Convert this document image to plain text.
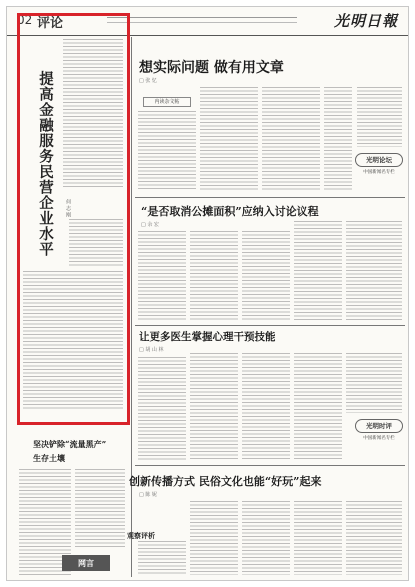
02 评论	光明日報
提高金融服务民营企业水平 何 志 刚
坚决铲除“流量黑产”
生存土壤
网言
想实际问题 做有用文章
□ 张 忆
内读杂文帖
光明论坛
中国新闻名专栏
“是否取消公摊面积”应纳入讨论议程
□ 余 宏
让更多医生掌握心理干预技能
□ 胡 山 林
光明时评
中国新闻名专栏
创新传播方式 民俗文化也能“好玩”起来
□ 陈 妮
观察评析
